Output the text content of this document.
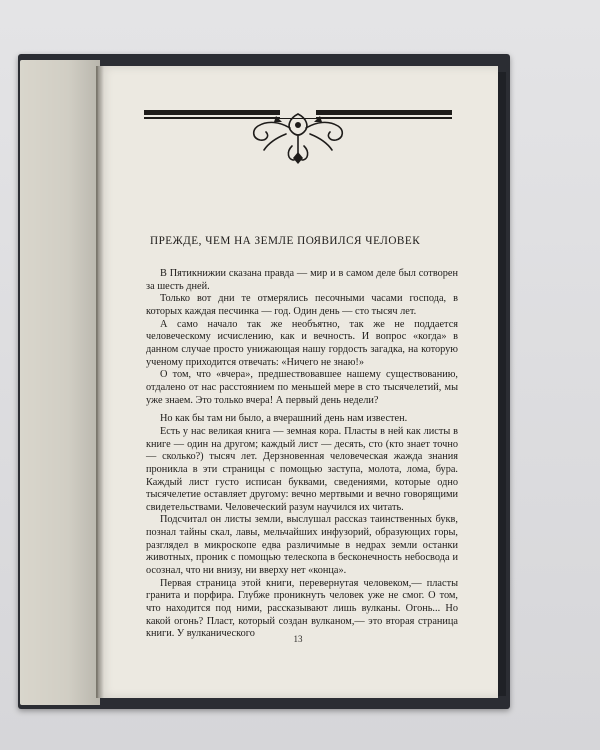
ПРЕЖДЕ, ЧЕМ НА ЗЕМЛЕ ПОЯВИЛСЯ ЧЕЛОВЕК

В Пятикнижии сказана правда — мир и в самом деле был сотворен за шесть дней.

Только вот дни те отмерялись песочными часами господа, в которых каждая песчинка — год. Один день — сто тысяч лет.

А само начало так же необъятно, так же не поддается человеческому исчислению, как и вечность. И вопрос «когда» в данном случае просто унижающая нашу гордость загадка, на которую ученому приходится отвечать: «Ничего не знаю!»

О том, что «вчера», предшествовавшее нашему существованию, отдалено от нас расстоянием по меньшей мере в сто тысячелетий, мы уже знаем. Это только вчера! А первый день недели?

Но как бы там ни было, а вчерашний день нам известен.

Есть у нас великая книга — земная кора. Пласты в ней как листы в книге — один на другом; каждый лист — десять, сто (кто знает точно — сколько?) тысяч лет. Дерзновенная человеческая жажда знания проникла в эти страницы с помощью заступа, молота, лома, бура. Каждый лист густо исписан буквами, сведениями, которые одно тысячелетие оставляет другому: вечно мертвыми и вечно говорящими свидетельствами. Человеческий разум научился их читать.

Подсчитал он листы земли, выслушал рассказ таинственных букв, познал тайны скал, лавы, мельчайших инфузорий, образующих горы, разглядел в микроскопе едва различимые в недрах земли останки животных, проник с помощью телескопа в бесконечность небосвода и осознал, что ни внизу, ни вверху нет «конца».

Первая страница этой книги, перевернутая человеком,— пласты гранита и порфира. Глубже проникнуть человек уже не смог. О том, что находится под ними, рассказывают лишь вулканы. Огонь... Но какой огонь? Пласт, который создан вулканом,— это вторая страница книги. У вулканического	13
